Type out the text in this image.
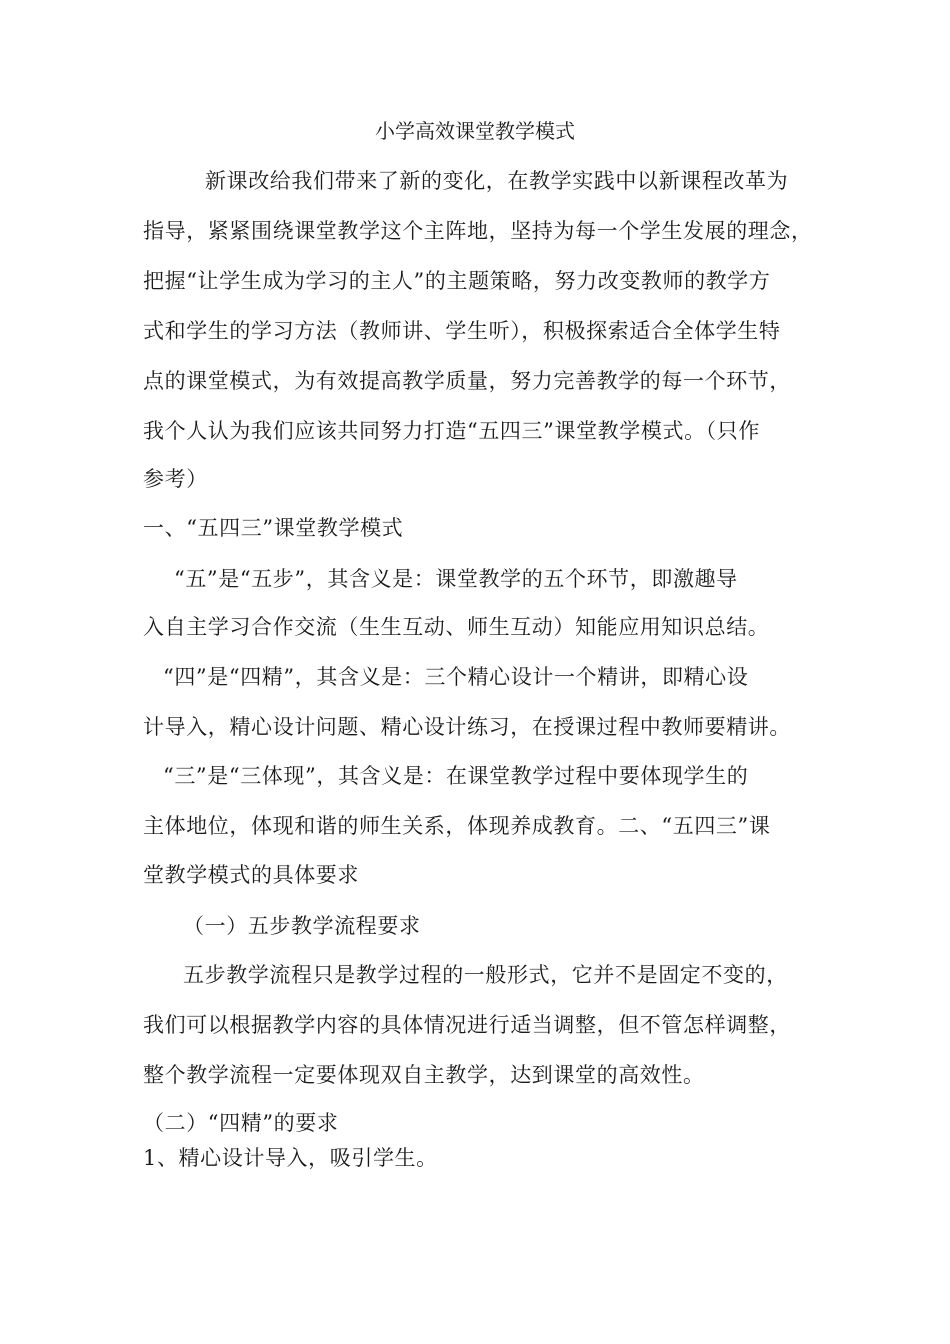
小学高效课堂教学模式
新课改给我们带来了新的变化，在教学实践中以新课程改革为
指导，紧紧围绕课堂教学这个主阵地，坚持为每一个学生发展的理念，
把握“让学生成为学习的主人”的主题策略，努力改变教师的教学方
式和学生的学习方法（教师讲、学生听），积极探索适合全体学生特
点的课堂模式，为有效提高教学质量，努力完善教学的每一个环节，
我个人认为我们应该共同努力打造“五四三”课堂教学模式。（只作
参考）
一、“五四三”课堂教学模式
“五”是“五步”，其含义是：课堂教学的五个环节，即激趣导
入自主学习合作交流（生生互动、师生互动）知能应用知识总结。
“四”是“四精”，其含义是：三个精心设计一个精讲，即精心设
计导入，精心设计问题、精心设计练习，在授课过程中教师要精讲。
“三”是“三体现”，其含义是：在课堂教学过程中要体现学生的
主体地位，体现和谐的师生关系，体现养成教育。二、“五四三”课
堂教学模式的具体要求
（一）五步教学流程要求
五步教学流程只是教学过程的一般形式，它并不是固定不变的，
我们可以根据教学内容的具体情况进行适当调整，但不管怎样调整，
整个教学流程一定要体现双自主教学，达到课堂的高效性。
（二）“四精”的要求
1、精心设计导入，吸引学生。
